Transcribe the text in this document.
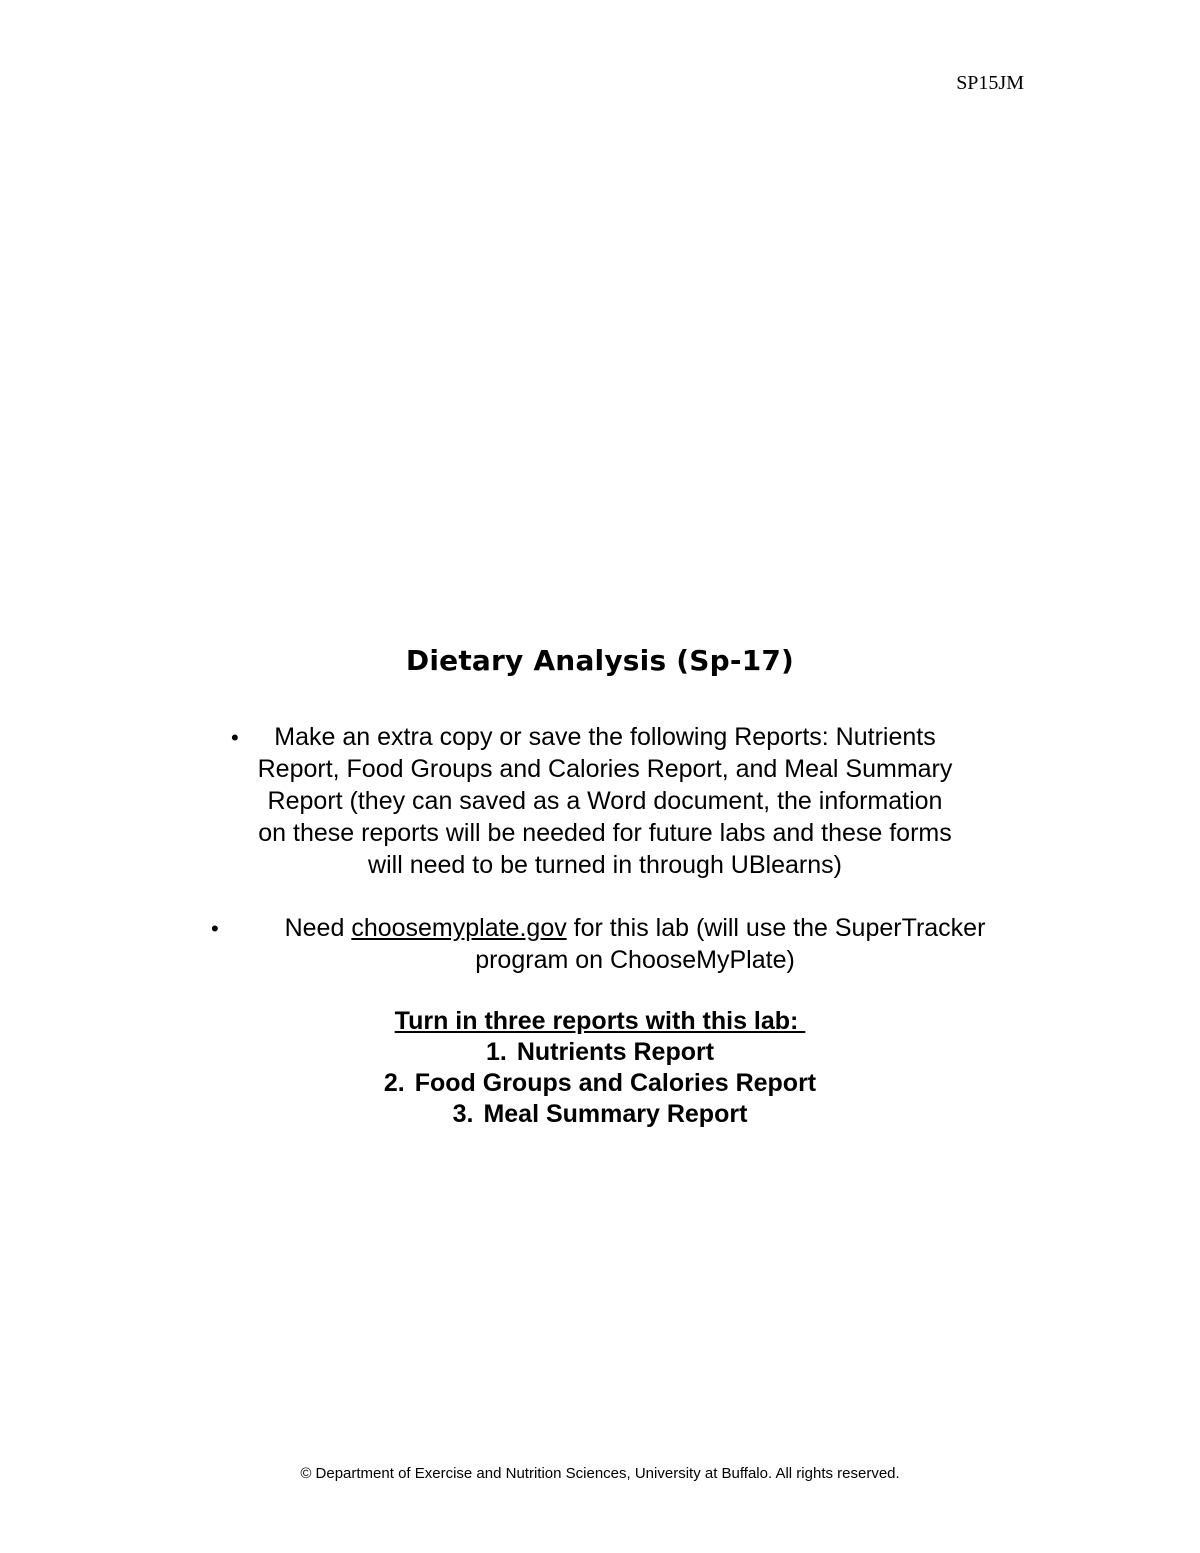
SP15JM
Dietary Analysis (Sp-17)
•	Make an extra copy or save the following Reports: Nutrients
Report, Food Groups and Calories Report, and Meal Summary
Report (they can saved as a Word document, the information
on these reports will be needed for future labs and these forms
will need to be turned in through UBlearns)
•	Need choosemyplate.gov for this lab (will use the SuperTracker
program on ChooseMyPlate)
Turn in three reports with this lab:
1. Nutrients Report
2. Food Groups and Calories Report
3. Meal Summary Report
© Department of Exercise and Nutrition Sciences, University at Buffalo. All rights reserved.
